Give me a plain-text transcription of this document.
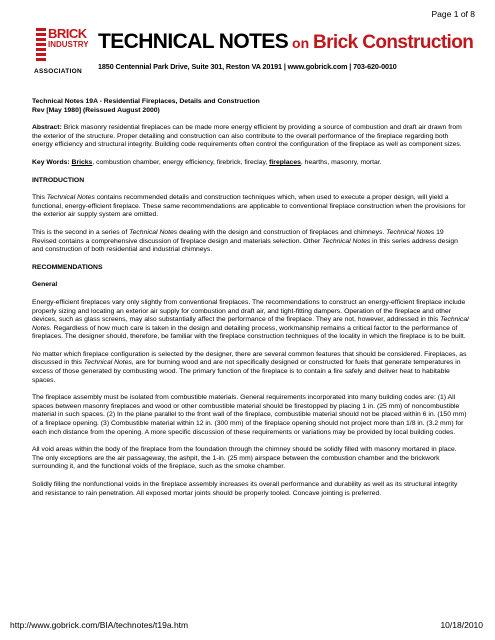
Page 1 of 8
BRICK
INDUSTRY
ASSOCIATION
TECHNICAL NOTES on Brick Construction
1850 Centennial Park Drive, Suite 301, Reston VA 20191 | www.gobrick.com | 703-620-0010

Technical Notes 19A - Residential Fireplaces, Details and Construction
Rev [May 1980] (Reissued August 2000)

Abstract: Brick masonry residential fireplaces can be made more energy efficient by providing a source of combustion and draft air drawn from the exterior of the structure. Proper detailing and construction can also contribute to the overall performance of the fireplace regarding both energy efficiency and structural integrity. Building code requirements often control the configuration of the fireplace as well as component sizes.

Key Words: Bricks, combustion chamber, energy efficiency, firebrick, fireclay, fireplaces, hearths, masonry, mortar.

INTRODUCTION

This Technical Notes contains recommended details and construction techniques which, when used to execute a proper design, will yield a functional, energy-efficient fireplace. These same recommendations are applicable to conventional fireplace construction when the provisions for the exterior air supply system are omitted.

This is the second in a series of Technical Notes dealing with the design and construction of fireplaces and chimneys. Technical Notes 19 Revised contains a comprehensive discussion of fireplace design and materials selection. Other Technical Notes in this series address design and construction of both residential and industrial chimneys.

RECOMMENDATIONS

General

Energy-efficient fireplaces vary only slightly from conventional fireplaces. The recommendations to construct an energy-efficient fireplace include properly sizing and locating an exterior air supply for combustion and draft air, and tight-fitting dampers. Operation of the fireplace and other devices, such as glass screens, may also substantially affect the performance of the fireplace. They are not, however, addressed in this Technical Notes. Regardless of how much care is taken in the design and detailing process, workmanship remains a critical factor to the performance of fireplaces. The designer should, therefore, be familiar with the fireplace construction techniques of the locality in which the fireplace is to be built.

No matter which fireplace configuration is selected by the designer, there are several common features that should be considered. Fireplaces, as discussed in this Technical Notes, are for burning wood and are not specifically designed or constructed for fuels that generate temperatures in excess of those generated by combusting wood. The primary function of the fireplace is to contain a fire safely and deliver heat to habitable spaces.

The fireplace assembly must be isolated from combustible materials. General requirements incorporated into many building codes are: (1) All spaces between masonry fireplaces and wood or other combustible material should be firestopped by placing 1 in. (25 mm) of noncombustible material in such spaces. (2) In the plane parallel to the front wall of the fireplace, combustible material should not be placed within 6 in. (150 mm) of a fireplace opening. (3) Combustible material within 12 in. (300 mm) of the fireplace opening should not project more than 1/8 in. (3.2 mm) for each inch distance from the opening. A more specific discussion of these requirements or variations may be provided by local building codes.

All void areas within the body of the fireplace from the foundation through the chimney should be solidly filled with masonry mortared in place. The only exceptions are the air passageway, the ashpit, the 1-in. (25 mm) airspace between the combustion chamber and the brickwork surrounding it, and the functional voids of the fireplace, such as the smoke chamber.

Solidly filling the nonfunctional voids in the fireplace assembly increases its overall performance and durability as well as its structural integrity and resistance to rain penetration. All exposed mortar joints should be properly tooled. Concave jointing is preferred.

http://www.gobrick.com/BIA/technotes/t19a.htm	10/18/2010
